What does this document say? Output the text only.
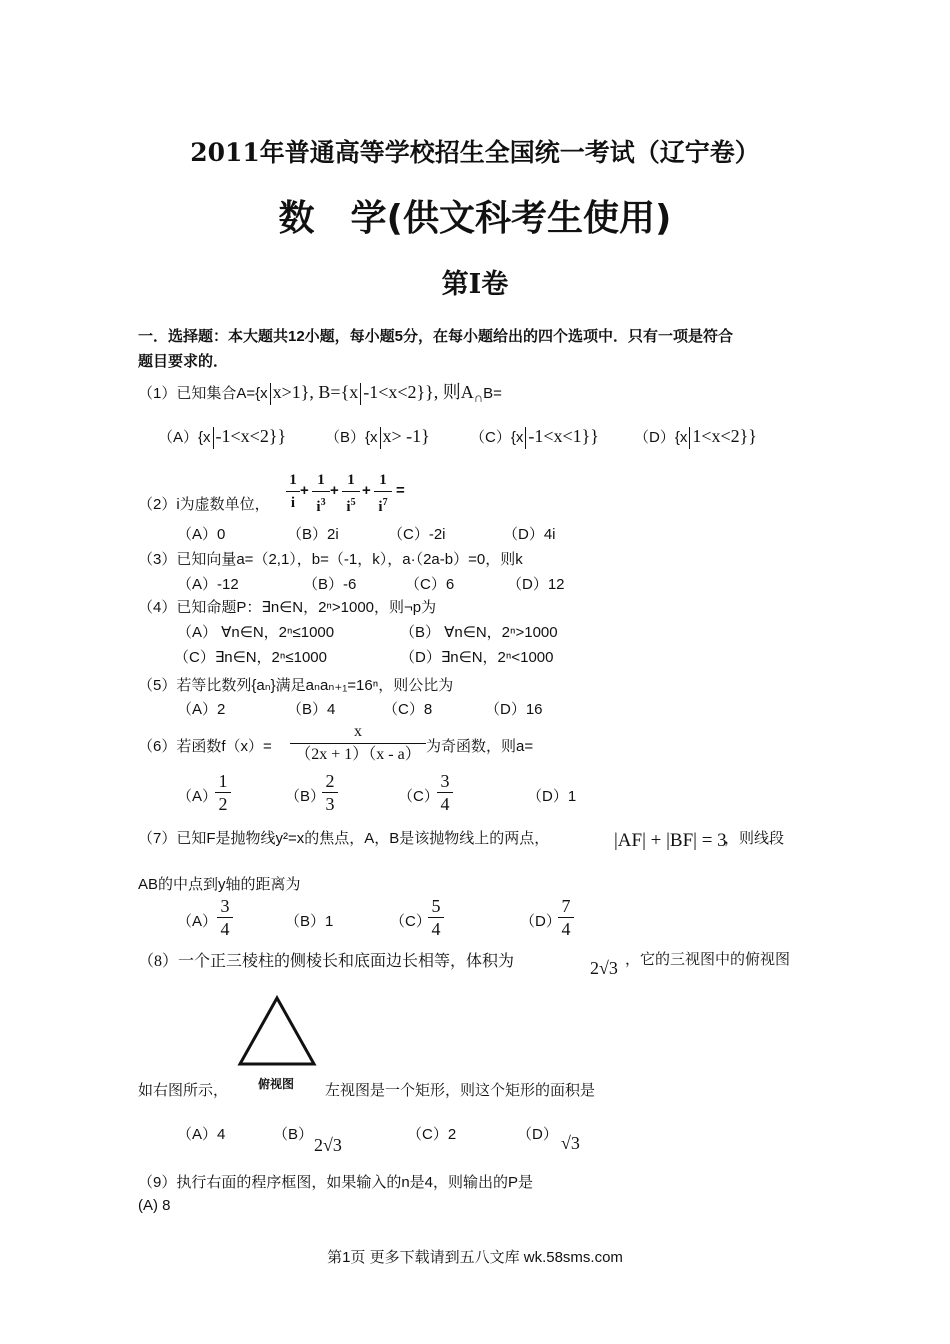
2011年普通高等学校招生全国统一考试（辽宁卷）
数　学(供文科考生使用)
第Ⅰ卷
一．选择题：本大题共12小题，每小题5分，在每小题给出的四个选项中．只有一项是符合
题目要求的．
（1）已知集合A={x x>1}, B={x -1<x<2}}, 则A∩B=
（A）{x -1<x<2}}	（B）{x x> -1}	（C）{x -1<x<1}} （D）{x 1<x<2}}
（2）i为虚数单位，
1
i
+
1
$i^3$
+
1
$i^5$
+
1
$i^7$
=
（A）0	（B）2i	（C）-2i	（D）4i
（3）已知向量a=（2,1），b=（-1，k），a·（2a-b）=0，则k
（A）-12	（B）-6	（C）6	（D）12
（4）已知命题P：∃n∈N，2ⁿ>1000，则¬p为
（A） ∀n∈N，2ⁿ≤1000	（B） ∀n∈N，2ⁿ>1000
（C）∃n∈N，2ⁿ≤1000	（D）∃n∈N，2ⁿ<1000
（5）若等比数列{aₙ}满足aₙaₙ₊₁=16ⁿ，则公比为
（A）2	（B）4	（C）8	（D）16
（6）若函数f（x）=
x
（2x + 1）（x - a） 为奇函数，则a=
（A）
1
2	（B）
2
3	（C）
3
4	（D）1
（7）已知F是抛物线y²=x的焦点，A，B是该抛物线上的两点，	|AF| + |BF| = 3
，则线段
AB的中点到y轴的距离为
（A）
3
4	（B）1	（C）
5
4	（D）
7
4
（8）一个正三棱柱的侧棱长和底面边长相等，体积为	2√3 ，它的三视图中的俯视图
俯视图
如右图所示，	左视图是一个矩形，则这个矩形的面积是
（A）4	（B）
2√3
（C）2	（D） √3
（9）执行右面的程序框图，如果输入的n是4，则输出的P是
(A) 8
第1页 更多下载请到五八文库 wk.58sms.com
